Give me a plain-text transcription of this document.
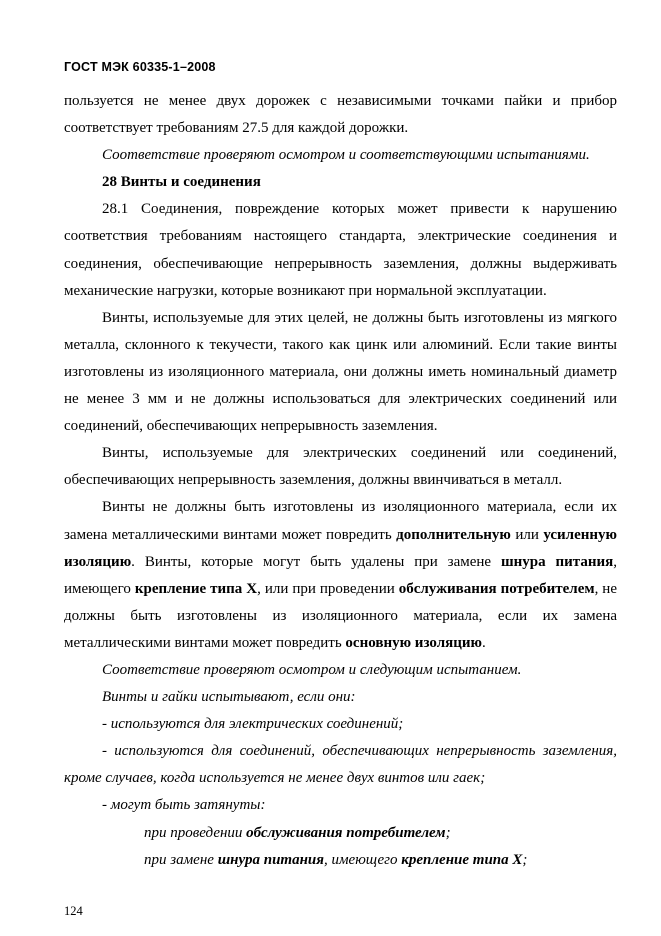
ГОСТ МЭК 60335-1–2008

пользуется не менее двух дорожек с независимыми точками пайки и прибор соответствует требованиям 27.5 для каждой дорожки.

Соответствие проверяют осмотром и соответствующими испытаниями.

28 Винты и соединения

28.1 Соединения, повреждение которых может привести к нарушению соответствия требованиям настоящего стандарта, электрические соединения и соединения, обеспечивающие непрерывность заземления, должны выдерживать механические нагрузки, которые возникают при нормальной эксплуатации.

Винты, используемые для этих целей, не должны быть изготовлены из мягкого металла, склонного к текучести, такого как цинк или алюминий. Если такие винты изготовлены из изоляционного материала, они должны иметь номинальный диаметр не менее 3 мм и не должны использоваться для электрических соединений или соединений, обеспечивающих непрерывность заземления.

Винты, используемые для электрических соединений или соединений, обеспечивающих непрерывность заземления, должны ввинчиваться в металл.

Винты не должны быть изготовлены из изоляционного материала, если их замена металлическими винтами может повредить дополнительную или усиленную изоляцию. Винты, которые могут быть удалены при замене шнура питания, имеющего крепление типа X, или при проведении обслуживания потребителем, не должны быть изготовлены из изоляционного материала, если их замена металлическими винтами может повредить основную изоляцию.

Соответствие проверяют осмотром и следующим испытанием.

Винты и гайки испытывают, если они:

- используются для электрических соединений;

- используются для соединений, обеспечивающих непрерывность заземления, кроме случаев, когда используется не менее двух винтов или гаек;

- могут быть затянуты:

при проведении обслуживания потребителем;

при замене шнура питания, имеющего крепление типа X;

124
